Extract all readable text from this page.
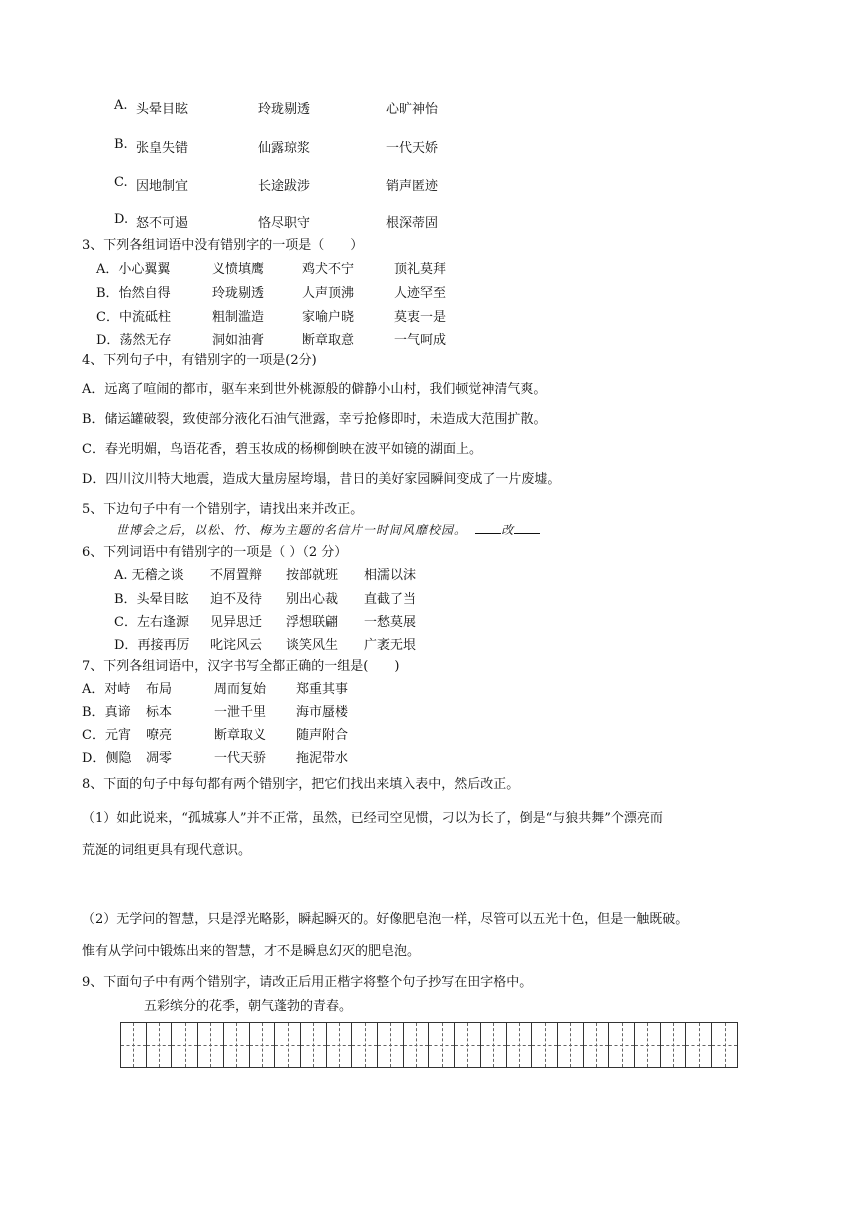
A. 头晕目眩	玲珑剔透	心旷神怡
B. 张皇失错	仙露琼浆	一代天娇
C. 因地制宜	长途跋涉	销声匿迹
D. 怒不可遏	恪尽职守	根深蒂固
3、下列各组词语中没有错别字的一项是（　　）
A．小心翼翼	义愤填鹰	鸡犬不宁	顶礼莫拜
B．怡然自得	玲珑剔透	人声顶沸	人迹罕至
C．中流砥柱	粗制滥造	家喻户晓	莫衷一是
D．荡然无存	洞如油膏	断章取意	一气呵成
4、下列句子中，有错别字的一项是(2分)
A．远离了喧闹的都市，驱车来到世外桃源般的僻静小山村，我们顿觉神清气爽。
B．储运罐破裂，致使部分液化石油气泄露，幸亏抢修即时，未造成大范围扩散。
C．春光明媚，鸟语花香，碧玉妆成的杨柳倒映在波平如镜的湖面上。
D．四川汶川特大地震，造成大量房屋垮塌，昔日的美好家园瞬间变成了一片废墟。
5、下边句子中有一个错别字，请找出来并改正。
世博会之后，以松、竹、梅为主题的名信片一时间风靡校园。	改
6、下列词语中有错别字的一项是（ ）（2 分）
A. 无稽之谈 不屑置辩 按部就班 相濡以沫
B．头晕目眩 迫不及待 别出心裁 直截了当
C．左右逢源 见异思迁 浮想联翩 一愁莫展
D．再接再厉 叱诧风云 谈笑风生 广袤无垠
7、下列各组词语中，汉字书写全都正确的一组是(　　)
A．对峙 布局	周而复始 郑重其事
B．真谛 标本	一泄千里 海市蜃楼
C．元宵 嘹亮	断章取义 随声附合
D．侧隐 凋零	一代天骄 拖泥带水
8、下面的句子中每句都有两个错别字，把它们找出来填入表中，然后改正。
（1）如此说来，“孤城寡人”并不正常，虽然，已经司空见惯，刁以为长了，倒是“与狼共舞”个漂亮而
荒涎的词组更具有现代意识。
（2）无学问的智慧，只是浮光略影，瞬起瞬灭的。好像肥皂泡一样，尽管可以五光十色，但是一触既破。
惟有从学问中锻炼出来的智慧，才不是瞬息幻灭的肥皂泡。
9、下面句子中有两个错别字，请改正后用正楷字将整个句子抄写在田字格中。
五彩缤分的花季，朝气蓬勃的青春。
